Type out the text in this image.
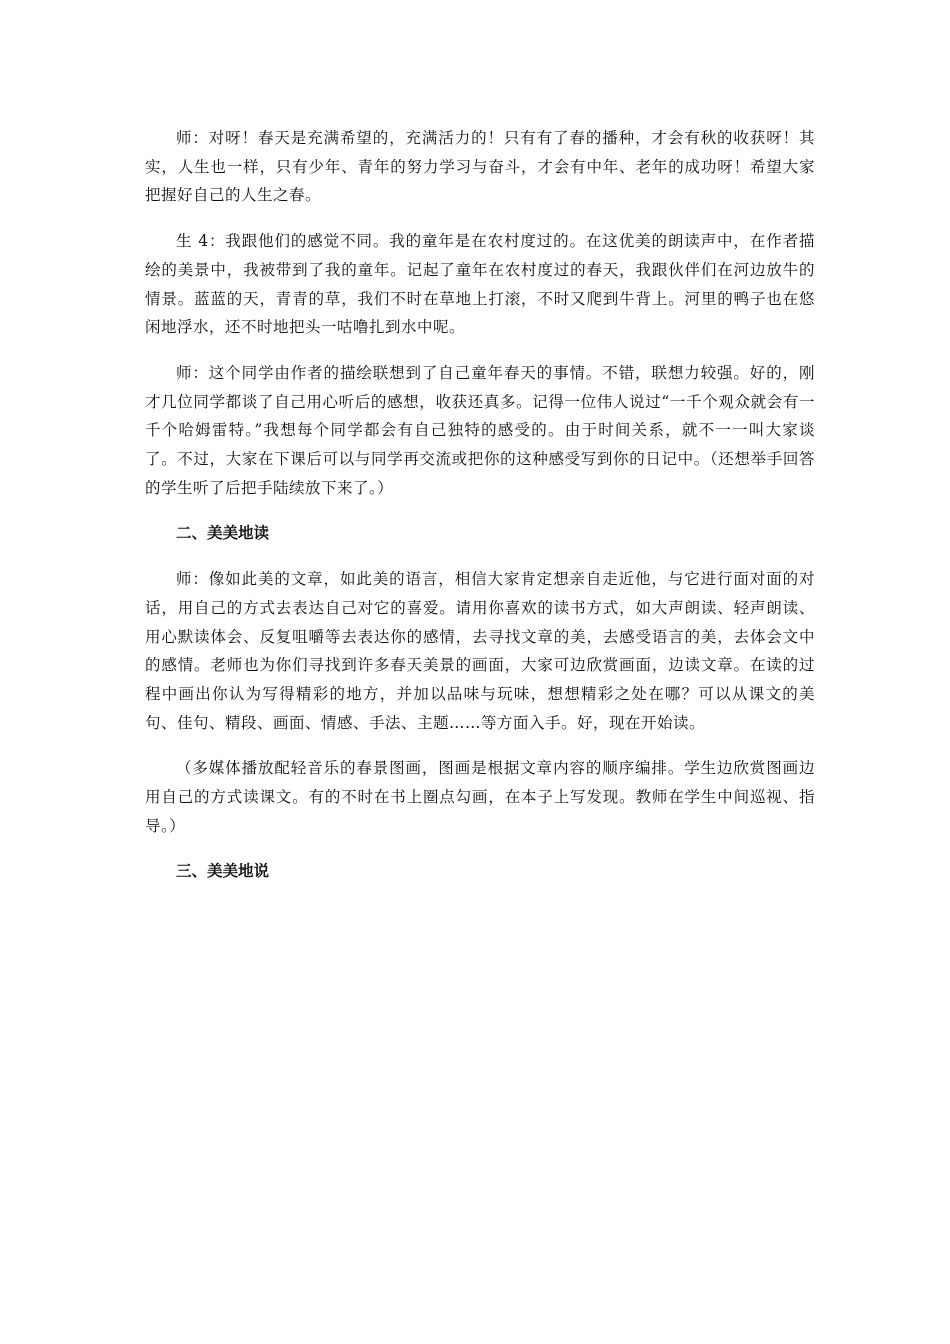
师：对呀！春天是充满希望的，充满活力的！只有有了春的播种，才会有秋的收获呀！其实，人生也一样，只有少年、青年的努力学习与奋斗，才会有中年、老年的成功呀！希望大家把握好自己的人生之春。

生 4：我跟他们的感觉不同。我的童年是在农村度过的。在这优美的朗读声中，在作者描绘的美景中，我被带到了我的童年。记起了童年在农村度过的春天，我跟伙伴们在河边放牛的情景。蓝蓝的天，青青的草，我们不时在草地上打滚，不时又爬到牛背上。河里的鸭子也在悠闲地浮水，还不时地把头一咕噜扎到水中呢。

师：这个同学由作者的描绘联想到了自己童年春天的事情。不错，联想力较强。好的，刚才几位同学都谈了自己用心听后的感想，收获还真多。记得一位伟人说过“一千个观众就会有一千个哈姆雷特。”我想每个同学都会有自己独特的感受的。由于时间关系，就不一一叫大家谈了。不过，大家在下课后可以与同学再交流或把你的这种感受写到你的日记中。（还想举手回答的学生听了后把手陆续放下来了。）

二、美美地读

师：像如此美的文章，如此美的语言，相信大家肯定想亲自走近他，与它进行面对面的对话，用自己的方式去表达自己对它的喜爱。请用你喜欢的读书方式，如大声朗读、轻声朗读、用心默读体会、反复咀嚼等去表达你的感情，去寻找文章的美，去感受语言的美，去体会文中的感情。老师也为你们寻找到许多春天美景的画面，大家可边欣赏画面，边读文章。在读的过程中画出你认为写得精彩的地方，并加以品味与玩味，想想精彩之处在哪？可以从课文的美句、佳句、精段、画面、情感、手法、主题……等方面入手。好，现在开始读。

（多媒体播放配轻音乐的春景图画，图画是根据文章内容的顺序编排。学生边欣赏图画边用自己的方式读课文。有的不时在书上圈点勾画，在本子上写发现。教师在学生中间巡视、指导。）

三、美美地说
